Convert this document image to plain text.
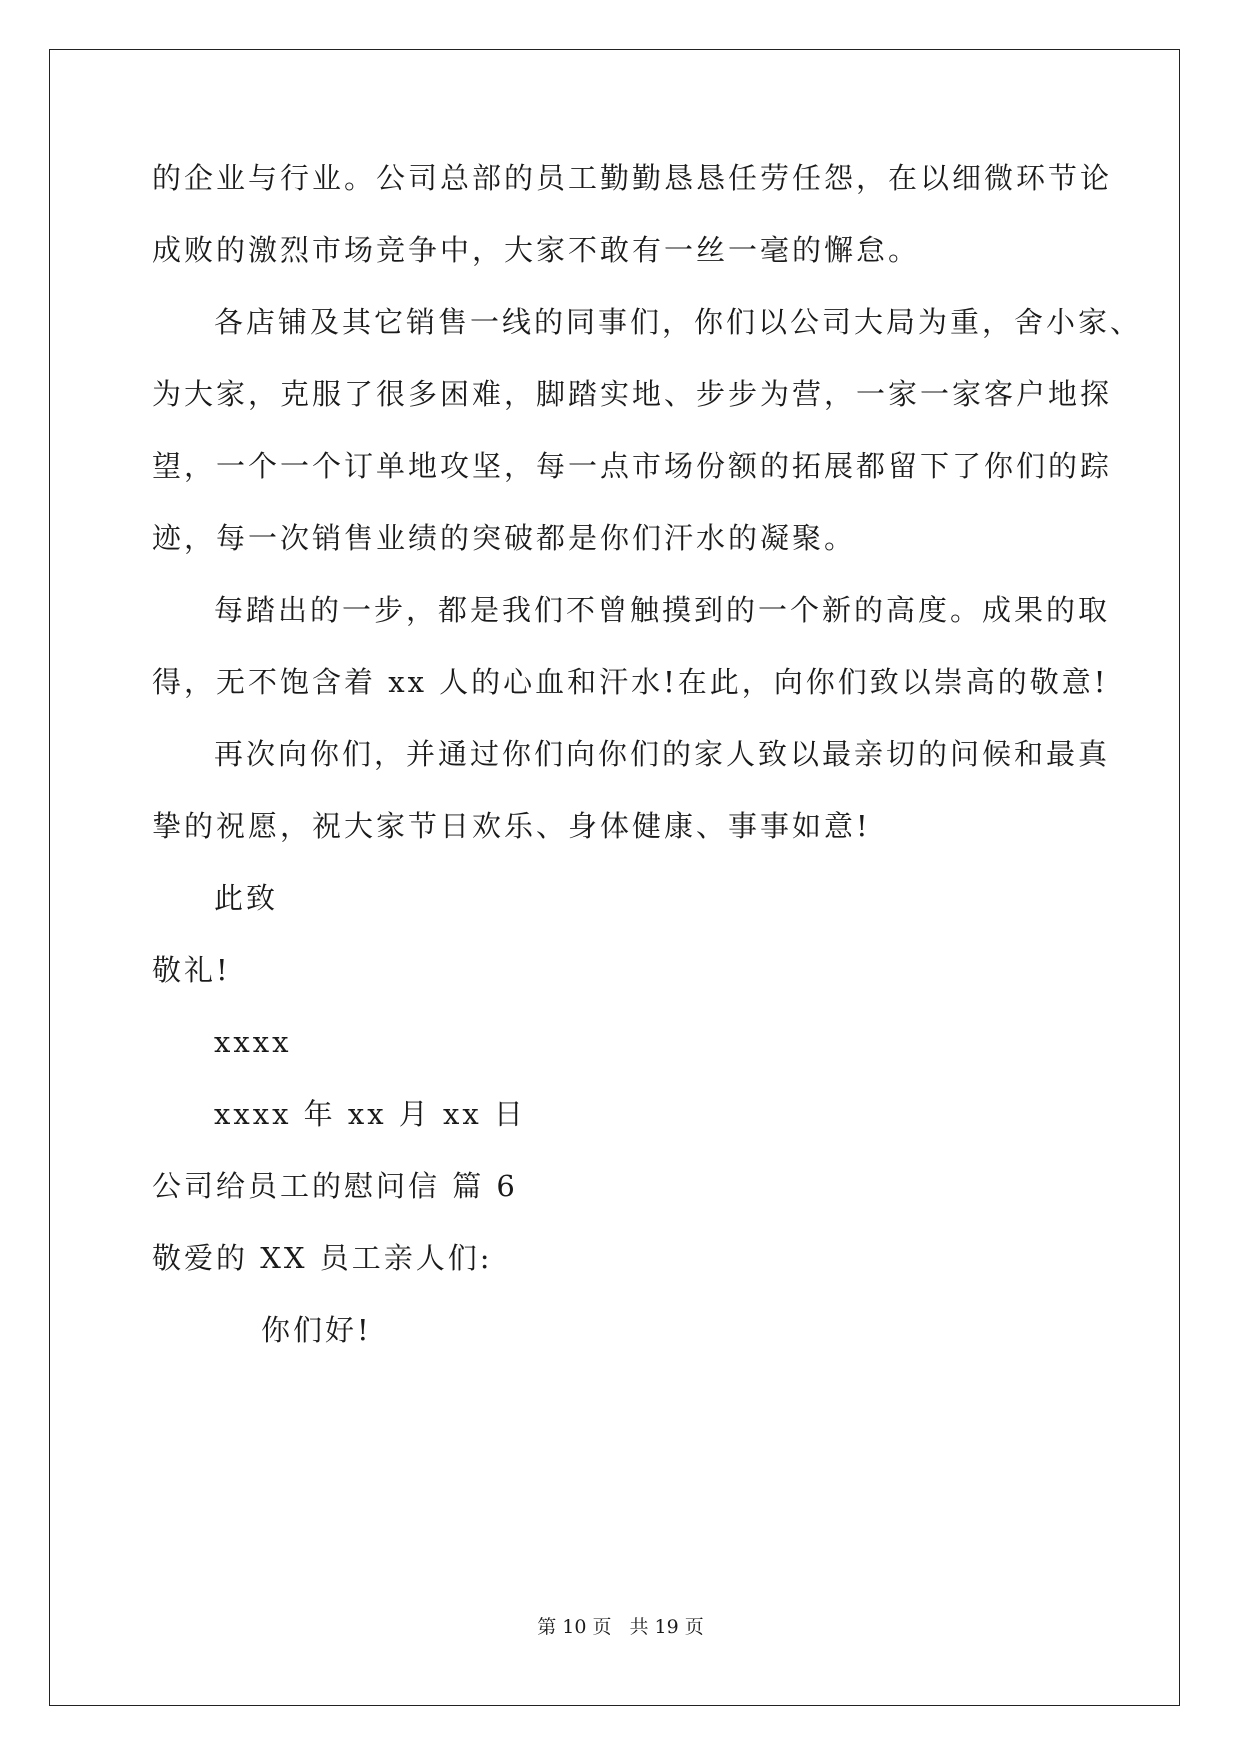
的企业与行业。公司总部的员工勤勤恳恳任劳任怨，在以细微环节论
成败的激烈市场竞争中，大家不敢有一丝一毫的懈怠。
各店铺及其它销售一线的同事们，你们以公司大局为重，舍小家、
为大家，克服了很多困难，脚踏实地、步步为营，一家一家客户地探
望，一个一个订单地攻坚，每一点市场份额的拓展都留下了你们的踪
迹，每一次销售业绩的突破都是你们汗水的凝聚。
每踏出的一步，都是我们不曾触摸到的一个新的高度。成果的取
得，无不饱含着 xx 人的心血和汗水!在此，向你们致以崇高的敬意!
再次向你们，并通过你们向你们的家人致以最亲切的问候和最真
挚的祝愿，祝大家节日欢乐、身体健康、事事如意!
此致
敬礼!
xxxx
xxxx 年 xx 月 xx 日
公司给员工的慰问信 篇 6
敬爱的 XX 员工亲人们:
你们好!
第 10 页 共 19 页
